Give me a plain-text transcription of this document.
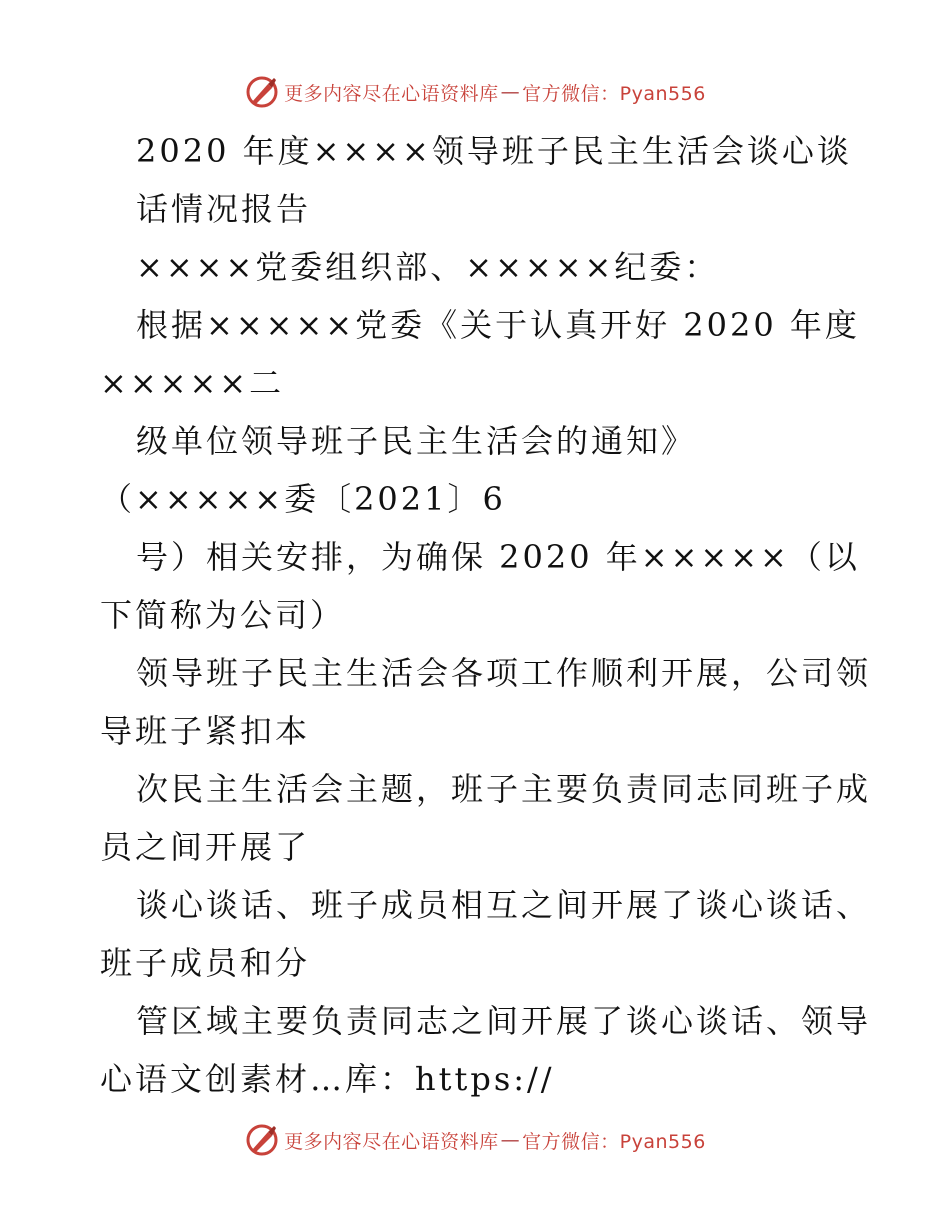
更多内容尽在心语资料库 — 官方微信：Pyan556
2020 年度××××领导班子民主生活会谈心谈
话情况报告
××××党委组织部、×××××纪委：
根据×××××党委《关于认真开好 2020 年度
×××××二
级单位领导班子民主生活会的通知》
（×××××委〔2021〕6
号）相关安排，为确保 2020 年×××××（以
下简称为公司）
领导班子民主生活会各项工作顺利开展，公司领
导班子紧扣本
次民主生活会主题，班子主要负责同志同班子成
员之间开展了
谈心谈话、班子成员相互之间开展了谈心谈话、
班子成员和分
管区域主要负责同志之间开展了谈心谈话、领导
心语文创素材…库：https://
更多内容尽在心语资料库 — 官方微信：Pyan556
